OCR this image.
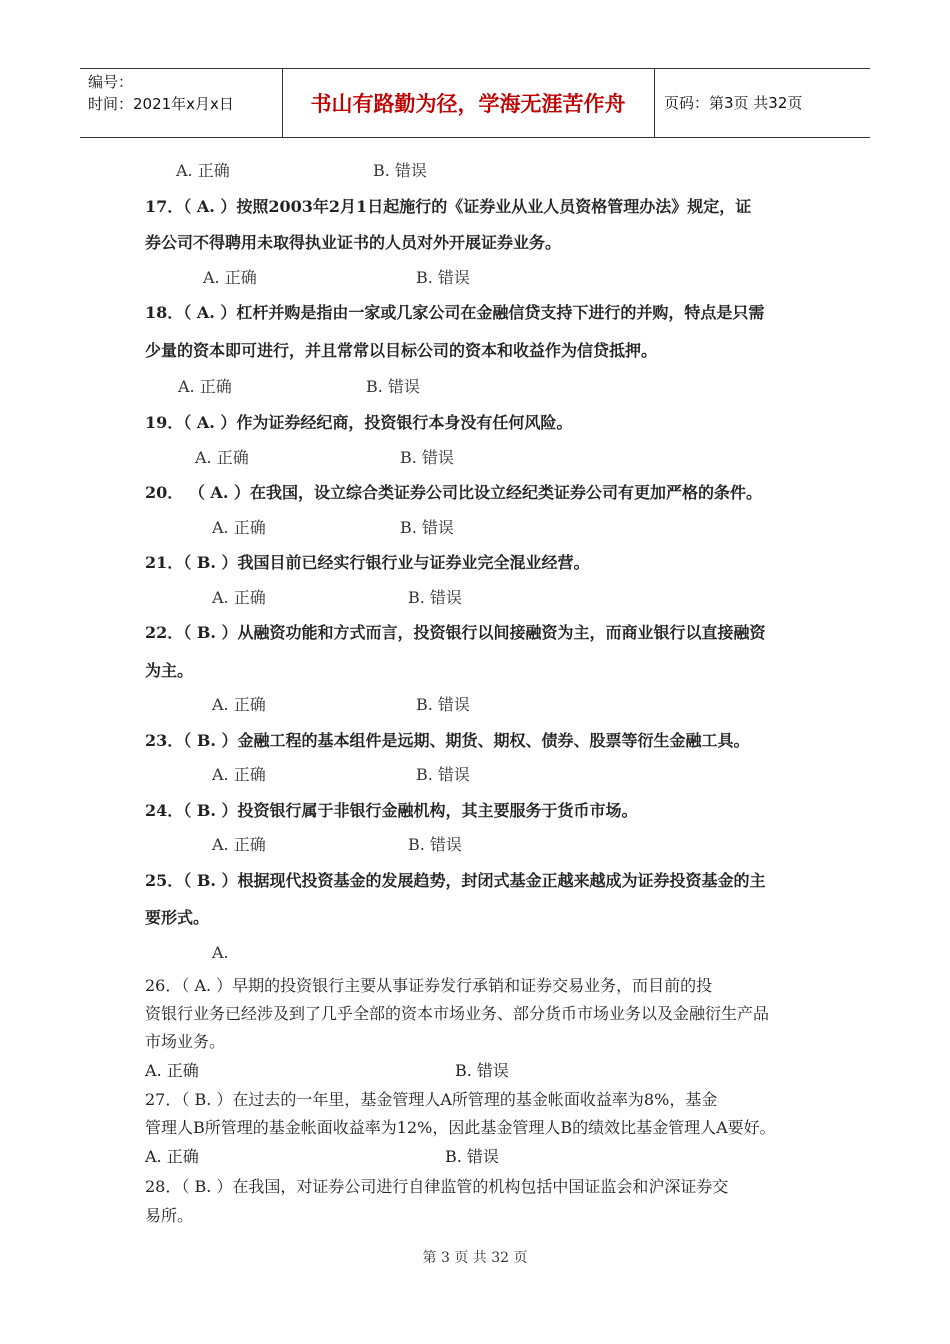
编号：
时间：2021年x月x日	书山有路勤为径，学海无涯苦作舟	页码：第3页 共32页
A. 正确	B. 错误
17．（ A. ）按照2003年2月1日起施行的《证券业从业人员资格管理办法》规定，证
券公司不得聘用未取得执业证书的人员对外开展证券业务。
A. 正确	B. 错误
18．（ A. ）杠杆并购是指由一家或几家公司在金融信贷支持下进行的并购，特点是只需
少量的资本即可进行，并且常常以目标公司的资本和收益作为信贷抵押。
A. 正确	B. 错误
19．（ A. ）作为证券经纪商，投资银行本身没有任何风险。
A. 正确	B. 错误
20． （ A. ）在我国，设立综合类证券公司比设立经纪类证券公司有更加严格的条件。
A. 正确	B. 错误
21．（ B. ）我国目前已经实行银行业与证券业完全混业经营。
A. 正确	B. 错误
22．（ B. ）从融资功能和方式而言，投资银行以间接融资为主，而商业银行以直接融资
为主。
A. 正确	B. 错误
23．（ B. ）金融工程的基本组件是远期、期货、期权、债券、股票等衍生金融工具。
A. 正确	B. 错误
24．（ B. ）投资银行属于非银行金融机构，其主要服务于货币市场。
A. 正确	B. 错误
25．（ B. ）根据现代投资基金的发展趋势，封闭式基金正越来越成为证券投资基金的主
要形式。
A.
26．（ A. ）早期的投资银行主要从事证券发行承销和证券交易业务，而目前的投
资银行业务已经涉及到了几乎全部的资本市场业务、部分货币市场业务以及金融衍生产品
市场业务。
A. 正确	B. 错误
27．（ B. ）在过去的一年里，基金管理人A所管理的基金帐面收益率为8%，基金
管理人B所管理的基金帐面收益率为12%，因此基金管理人B的绩效比基金管理人A要好。
A. 正确	B. 错误
28．（ B. ）在我国，对证券公司进行自律监管的机构包括中国证监会和沪深证券交
易所。
第 3 页 共 32 页
